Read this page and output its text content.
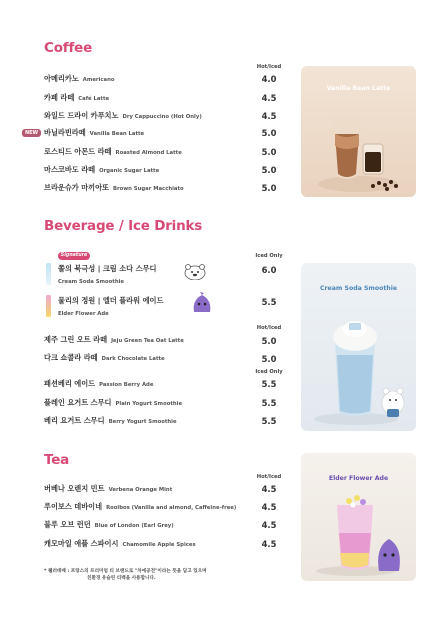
Coffee
Hot/Iced
아메리카노 Americano	4.0
카페 라떼 Café Latte	4.5
와일드 드라이 카푸치노 Dry Cappuccino (Hot Only)	4.5
NEW 바닐라빈라떼 Vanilla Bean Latte	5.0
로스티드 아몬드 라떼 Roasted Almond Latte	5.0
마스코바도 라떼 Organic Sugar Latte	5.0
브라운슈가 마끼아또 Brown Sugar Macchiato	5.0
Vanilla Bean Latte
Beverage / Ice Drinks
Signature	Iced Only
쫄의 북극성 | 크림 소다 스무디
Cream Soda Smoothie
6.0
물리의 정원 | 엘더 플라워 에이드
Elder Flower Ade
5.5
Hot/Iced
제주 그린 오트 라떼 Jeju Green Tea Oat Latte	5.0
다크 쇼콜라 라떼 Dark Chocolate Latte	5.0
Iced Only
패션베리 에이드 Passion Berry Ade	5.5
플레인 요거트 스무디 Plain Yogurt Smoothie	5.5
베리 요거트 스무디 Berry Yogurt Smoothie	5.5
Cream Soda Smoothie
Tea
Hot/Iced
버베나 오렌지 민트 Verbena Orange Mint	4.5
루이보스 데바이네 Rooibos (Vanilla and almond, Caffeine-free)	4.5
블루 오브 런던 Blue of London (Earl Grey)	4.5
캐모마일 애플 스파이시 Chamomile Apple Spices	4.5
Elder Flower Ade
* 웰러데배 : 프랑스의 프리미엄 티 브랜드로 "차에공전"이라는 뜻을 담고 있으며
친환경 유슬린 티백을 사용합니다.
